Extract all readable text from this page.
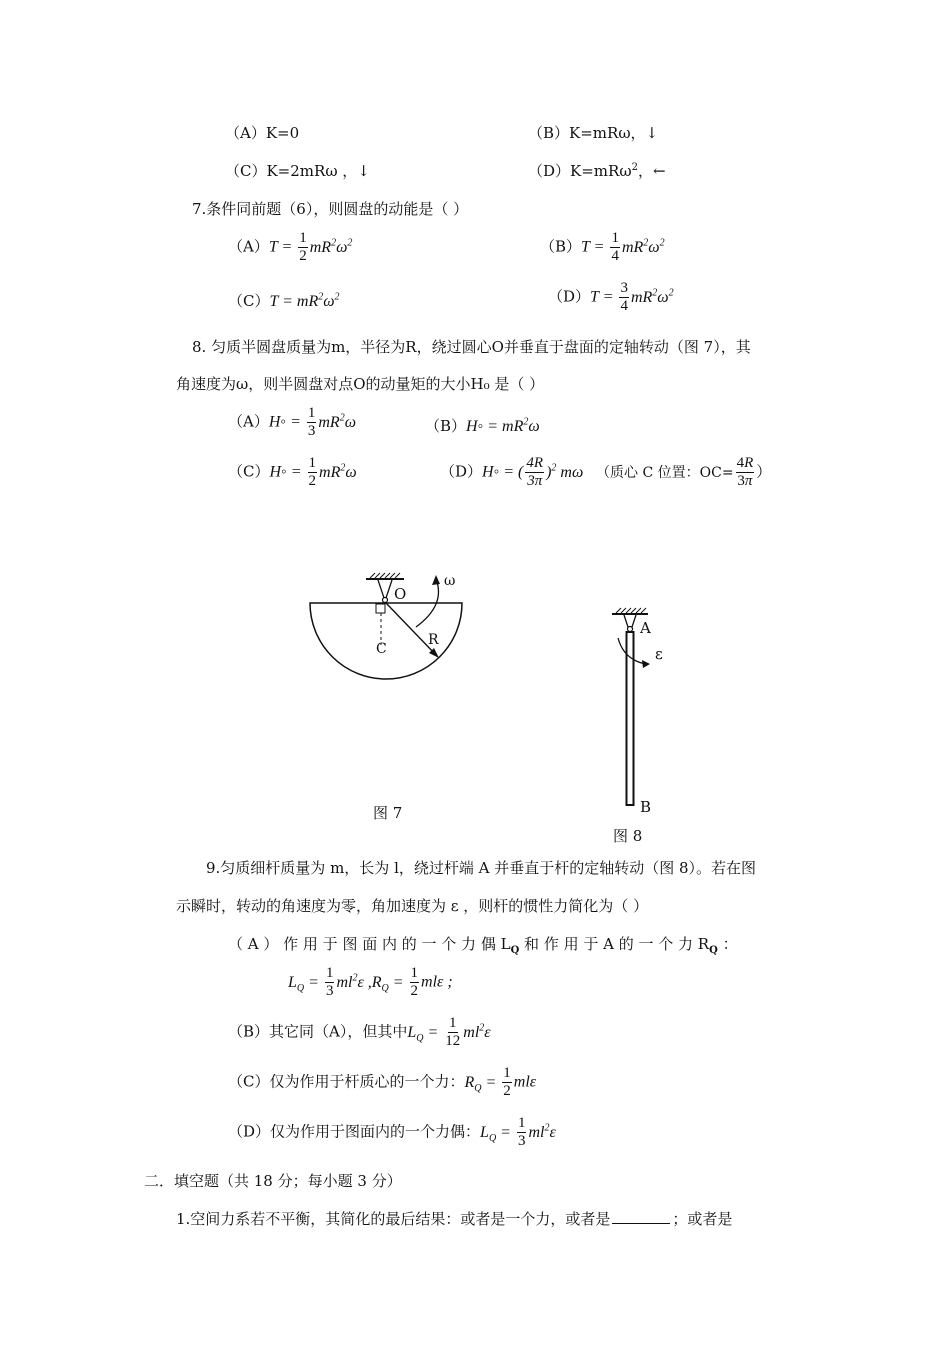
（A）K=0	（B）K=mRω，↓
（C）K=2mRω ，↓	（D）K=mRω$^2$，←
7.条件同前题（6），则圆盘的动能是（ ）
$(A)T = \frac{1}{2} mR^2\omega^2$	$(B)T = \frac{1}{4} mR^2\omega^2$
$(C)T = mR^2\omega^2$	$(D)T = \frac{3}{4} mR^2\omega^2$
8. 匀质半圆盘质量为m，半径为R，绕过圆心O并垂直于盘面的定轴转动（图 7），其
角速度为ω，则半圆盘对点O的动量矩的大小H₀ 是（ ）
（A）H◦ = $\frac{1}{3} mR^2\omega$	（B）H◦ = $mR^2\omega$
（C）H◦ = $\frac{1}{2} mR^2\omega$	（D）H◦ = ( $\frac{4R}{3\pi} )^2$ mω （质心 C 位置：$OC= \frac{4R}{3\pi}$ ）
O
C
R
ω
图 7
A
ε
B
图 8
9.匀质细杆质量为 m，长为 l，绕过杆端 A 并垂直于杆的定轴转动（图 8）。若在图
示瞬时，转动的角速度为零，角加速度为 ε ，则杆的惯性力简化为（ ）
（ A ） 作 用 于 图 面 内 的 一 个 力 偶 $L_Q$ 和 作 用 于 A 的 一 个 力 $R_Q$ ：
$L_Q = \frac{1}{3} ml^2\varepsilon$ $,R_Q = \frac{1}{2}$ mlε ;
（B）其它同（A），但其中$L_Q = \frac{1}{12} ml^2\varepsilon$
（C）仅为作用于杆质心的一个力：$R_Q = \frac{1}{2}$ mlε
（D）仅为作用于图面内的一个力偶：$L_Q = \frac{1}{3} ml^2\varepsilon$
二．填空题（共 18 分；每小题 3 分）
1.空间力系若不平衡，其简化的最后结果：或者是一个力，或者是	；或者是
